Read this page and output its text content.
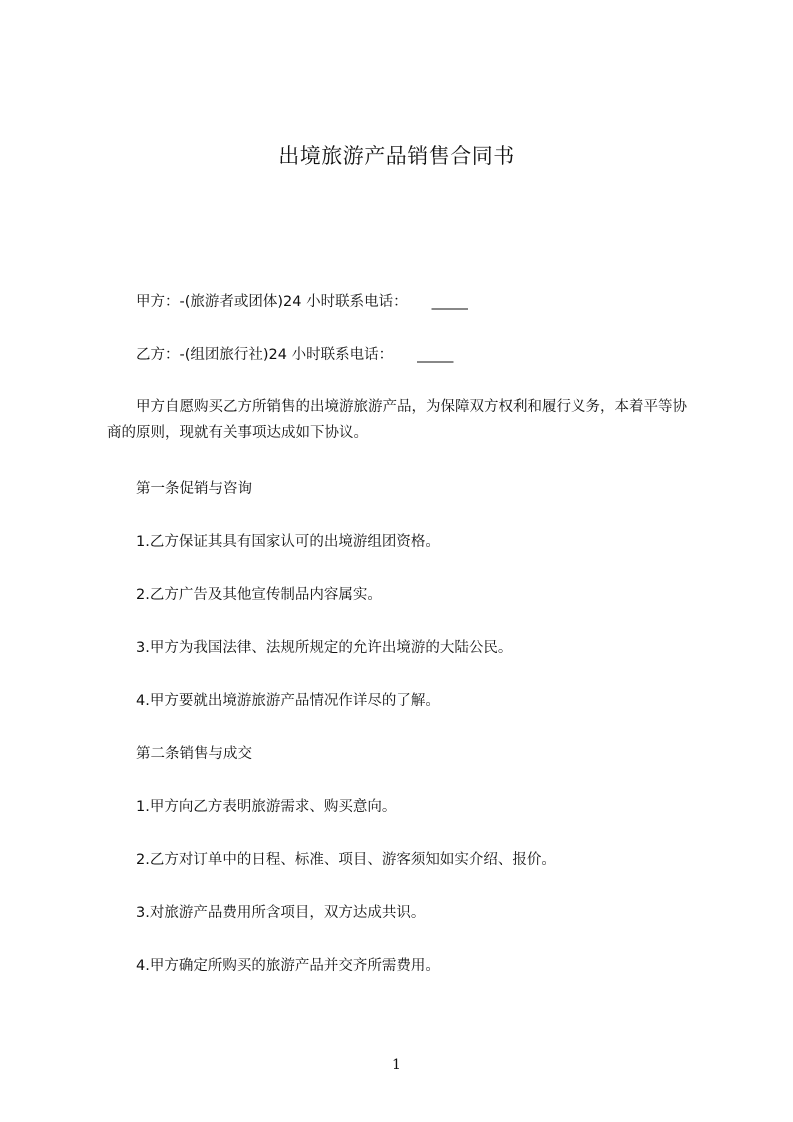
出境旅游产品销售合同书

甲方：-(旅游者或团体)24 小时联系电话： _____

乙方：-(组团旅行社)24 小时联系电话： _____

甲方自愿购买乙方所销售的出境游旅游产品，为保障双方权利和履行义务，本着平等协商的原则，现就有关事项达成如下协议。

第一条促销与咨询

1.乙方保证其具有国家认可的出境游组团资格。

2.乙方广告及其他宣传制品内容属实。

3.甲方为我国法律、法规所规定的允许出境游的大陆公民。

4.甲方要就出境游旅游产品情况作详尽的了解。

第二条销售与成交

1.甲方向乙方表明旅游需求、购买意向。

2.乙方对订单中的日程、标准、项目、游客须知如实介绍、报价。

3.对旅游产品费用所含项目，双方达成共识。

4.甲方确定所购买的旅游产品并交齐所需费用。

1
